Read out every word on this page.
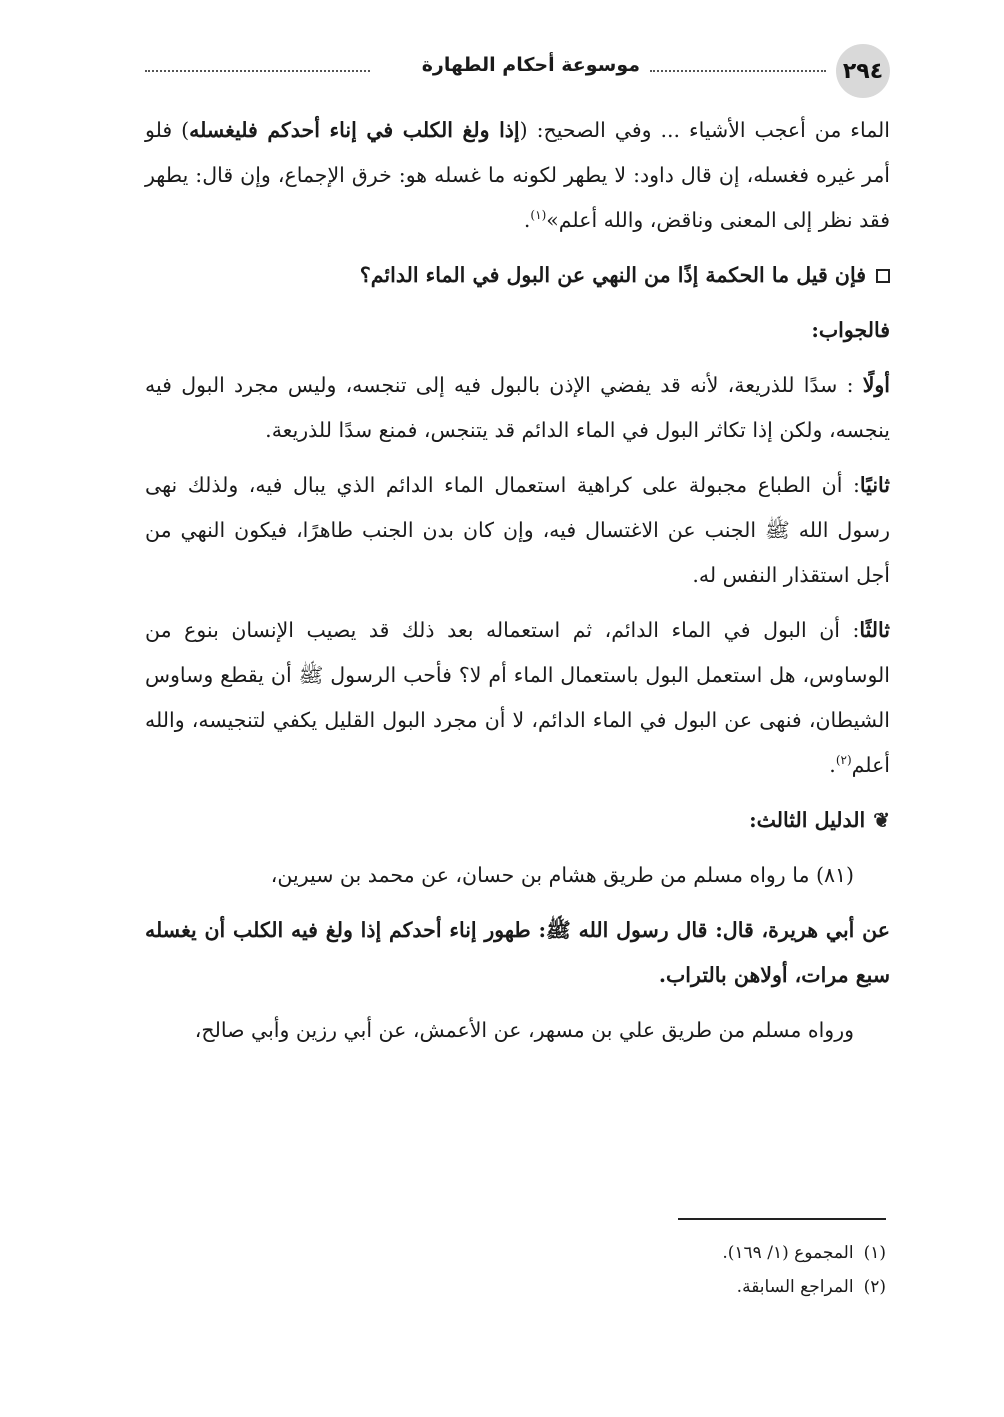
٢٩٤
موسوعة أحكام الطهارة

الماء من أعجب الأشياء ... وفي الصحيح: (إذا ولغ الكلب في إناء أحدكم فليغسله) فلو أمر غيره فغسله، إن قال داود: لا يطهر لكونه ما غسله هو: خرق الإجماع، وإن قال: يطهر فقد نظر إلى المعنى وناقض، والله أعلم»$^{(١)}$.

فإن قيل ما الحكمة إذًا من النهي عن البول في الماء الدائم؟

فالجواب:

أولًا : سدًا للذريعة، لأنه قد يفضي الإذن بالبول فيه إلى تنجسه، وليس مجرد البول فيه ينجسه، ولكن إذا تكاثر البول في الماء الدائم قد يتنجس، فمنع سدًا للذريعة.

ثانيًا: أن الطباع مجبولة على كراهية استعمال الماء الدائم الذي يبال فيه، ولذلك نهى رسول الله ﷺ الجنب عن الاغتسال فيه، وإن كان بدن الجنب طاهرًا، فيكون النهي من أجل استقذار النفس له.

ثالثًا: أن البول في الماء الدائم، ثم استعماله بعد ذلك قد يصيب الإنسان بنوع من الوساوس، هل استعمل البول باستعمال الماء أم لا؟ فأحب الرسول ﷺ أن يقطع وساوس الشيطان، فنهى عن البول في الماء الدائم، لا أن مجرد البول القليل يكفي لتنجيسه، والله أعلم$^{(٢)}$.

❦
الدليل الثالث:

(٨١) ما رواه مسلم من طريق هشام بن حسان، عن محمد بن سيرين،

عن أبي هريرة، قال: قال رسول الله ﷺ: طهور إناء أحدكم إذا ولغ فيه الكلب أن يغسله سبع مرات، أولاهن بالتراب.

ورواه مسلم من طريق علي بن مسهر، عن الأعمش، عن أبي رزين وأبي صالح،

(١)
المجموع (١/ ١٦٩).
(٢)
المراجع السابقة.
